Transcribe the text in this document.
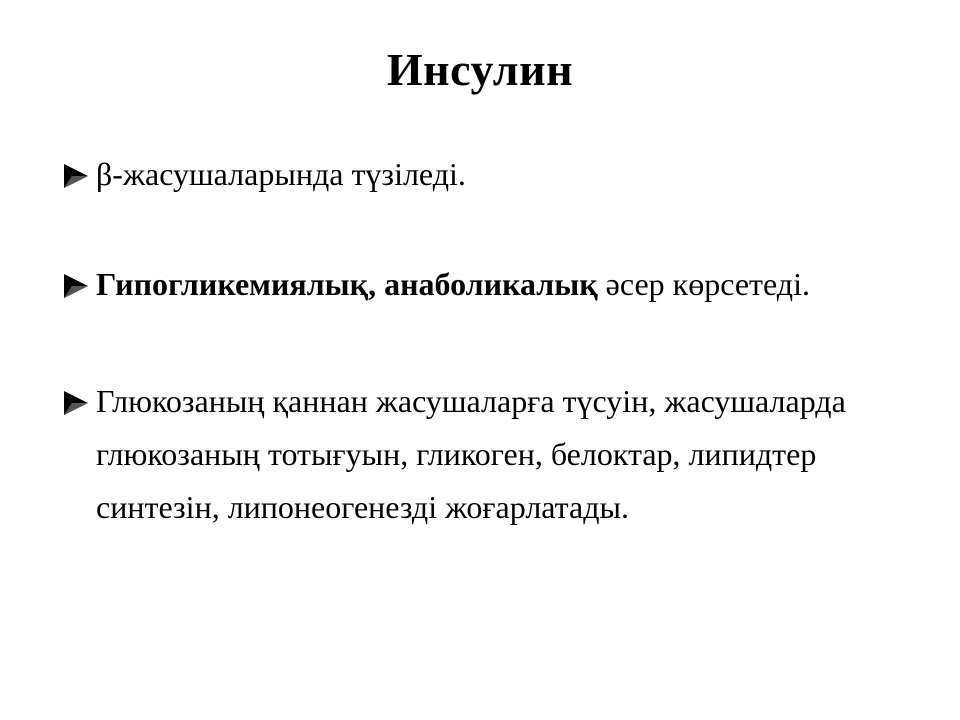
Инсулин
β-жасушаларында түзіледі.
Гипогликемиялық, анаболикалық әсер көрсетеді.
Глюкозаның қаннан жасушаларға түсуін, жасушаларда глюкозаның тотығуын, гликоген, белоктар, липидтер синтезін, липонеогенезді жоғарлатады.
